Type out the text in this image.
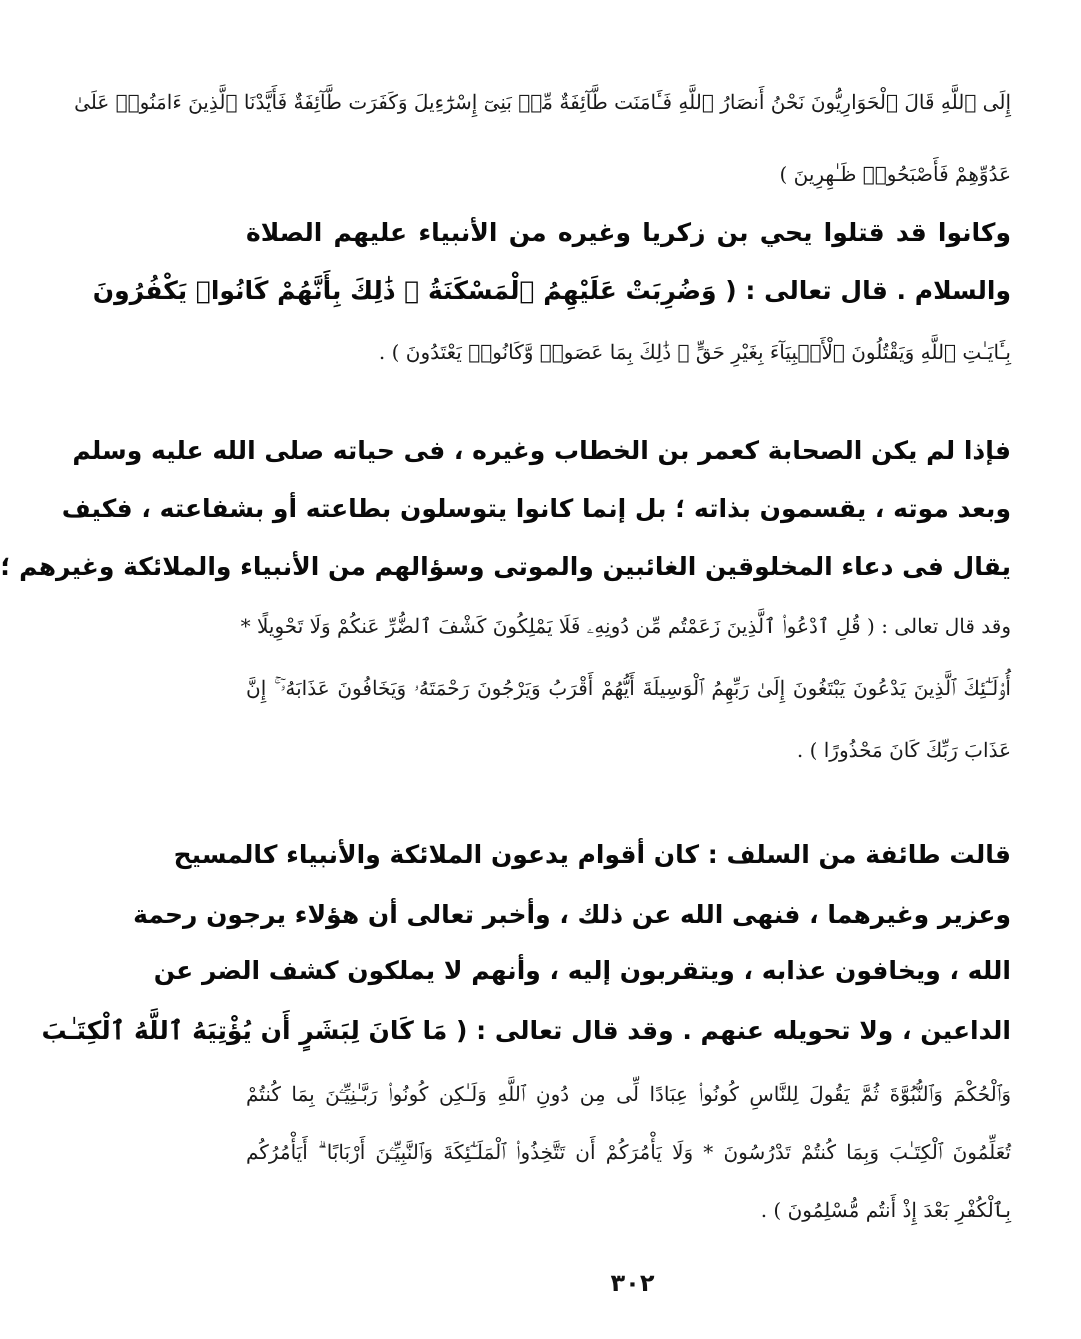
إِلَى ٱللَّهِ قَالَ ٱلْحَوَارِيُّونَ نَحْنُ أَنصَارُ ٱللَّهِ فَـَٔامَنَت طَّآئِفَةٌ مِّنۢ بَنِىٓ إِسْرَٰٓءِيلَ وَكَفَرَت طَّآئِفَةٌ فَأَيَّدْنَا ٱلَّذِينَ ءَامَنُوا۟ عَلَىٰ
عَدُوِّهِمْ فَأَصْبَحُوا۟ ظَـٰهِرِينَ )
وكانوا قد قتلوا يحي بن زكريا وغيره من الأنبياء عليهم الصلاة
والسلام . قال تعالى : ( وَضُرِبَتْ عَلَيْهِمُ ٱلْمَسْكَنَةُ ۚ ذَٰلِكَ بِأَنَّهُمْ كَانُوا۟ يَكْفُرُونَ
بِـَٔايَـٰتِ ٱللَّهِ وَيَقْتُلُونَ ٱلْأَنۢبِيَآءَ بِغَيْرِ حَقٍّ ۚ ذَٰلِكَ بِمَا عَصَوا۟ وَّكَانُوا۟ يَعْتَدُونَ ) .
فإذا لم يكن الصحابة كعمر بن الخطاب وغيره ، فى حياته صلى الله عليه وسلم
وبعد موته ، يقسمون بذاته ؛ بل إنما كانوا يتوسلون بطاعته أو بشفاعته ، فكيف
يقال فى دعاء المخلوقين الغائبين والموتى وسؤالهم من الأنبياء والملائكة وغيرهم ؛
وقد قال تعالى : ( قُلِ ٱدْعُوا۟ ٱلَّذِينَ زَعَمْتُم مِّن دُونِهِۦ فَلَا يَمْلِكُونَ كَشْفَ ٱلضُّرِّ عَنكُمْ وَلَا تَحْوِيلًا *
أُو۟لَـٰٓئِكَ ٱلَّذِينَ يَدْعُونَ يَبْتَغُونَ إِلَىٰ رَبِّهِمُ ٱلْوَسِيلَةَ أَيُّهُمْ أَقْرَبُ وَيَرْجُونَ رَحْمَتَهُۥ وَيَخَافُونَ عَذَابَهُۥٓ ۚ إِنَّ
عَذَابَ رَبِّكَ كَانَ مَحْذُورًا ) .
قالت طائفة من السلف : كان أقوام يدعون الملائكة والأنبياء كالمسيح
وعزير وغيرهما ، فنهى الله عن ذلك ، وأخبر تعالى أن هؤلاء يرجون رحمة
الله ، ويخافون عذابه ، ويتقربون إليه ، وأنهم لا يملكون كشف الضر عن
الداعين ، ولا تحويله عنهم . وقد قال تعالى : ( مَا كَانَ لِبَشَرٍ أَن يُؤْتِيَهُ ٱللَّهُ ٱلْكِتَـٰبَ
وَٱلْحُكْمَ وَٱلنُّبُوَّةَ ثُمَّ يَقُولَ لِلنَّاسِ كُونُوا۟ عِبَادًا لِّى مِن دُونِ ٱللَّهِ وَلَـٰكِن كُونُوا۟ رَبَّـٰنِيِّـۧنَ بِمَا كُنتُمْ
تُعَلِّمُونَ ٱلْكِتَـٰبَ وَبِمَا كُنتُمْ تَدْرُسُونَ * وَلَا يَأْمُرَكُمْ أَن تَتَّخِذُوا۟ ٱلْمَلَـٰٓئِكَةَ وَٱلنَّبِيِّـۧنَ أَرْبَابًا ۗ أَيَأْمُرُكُم
بِٱلْكُفْرِ بَعْدَ إِذْ أَنتُم مُّسْلِمُونَ ) .
٣٠٢
